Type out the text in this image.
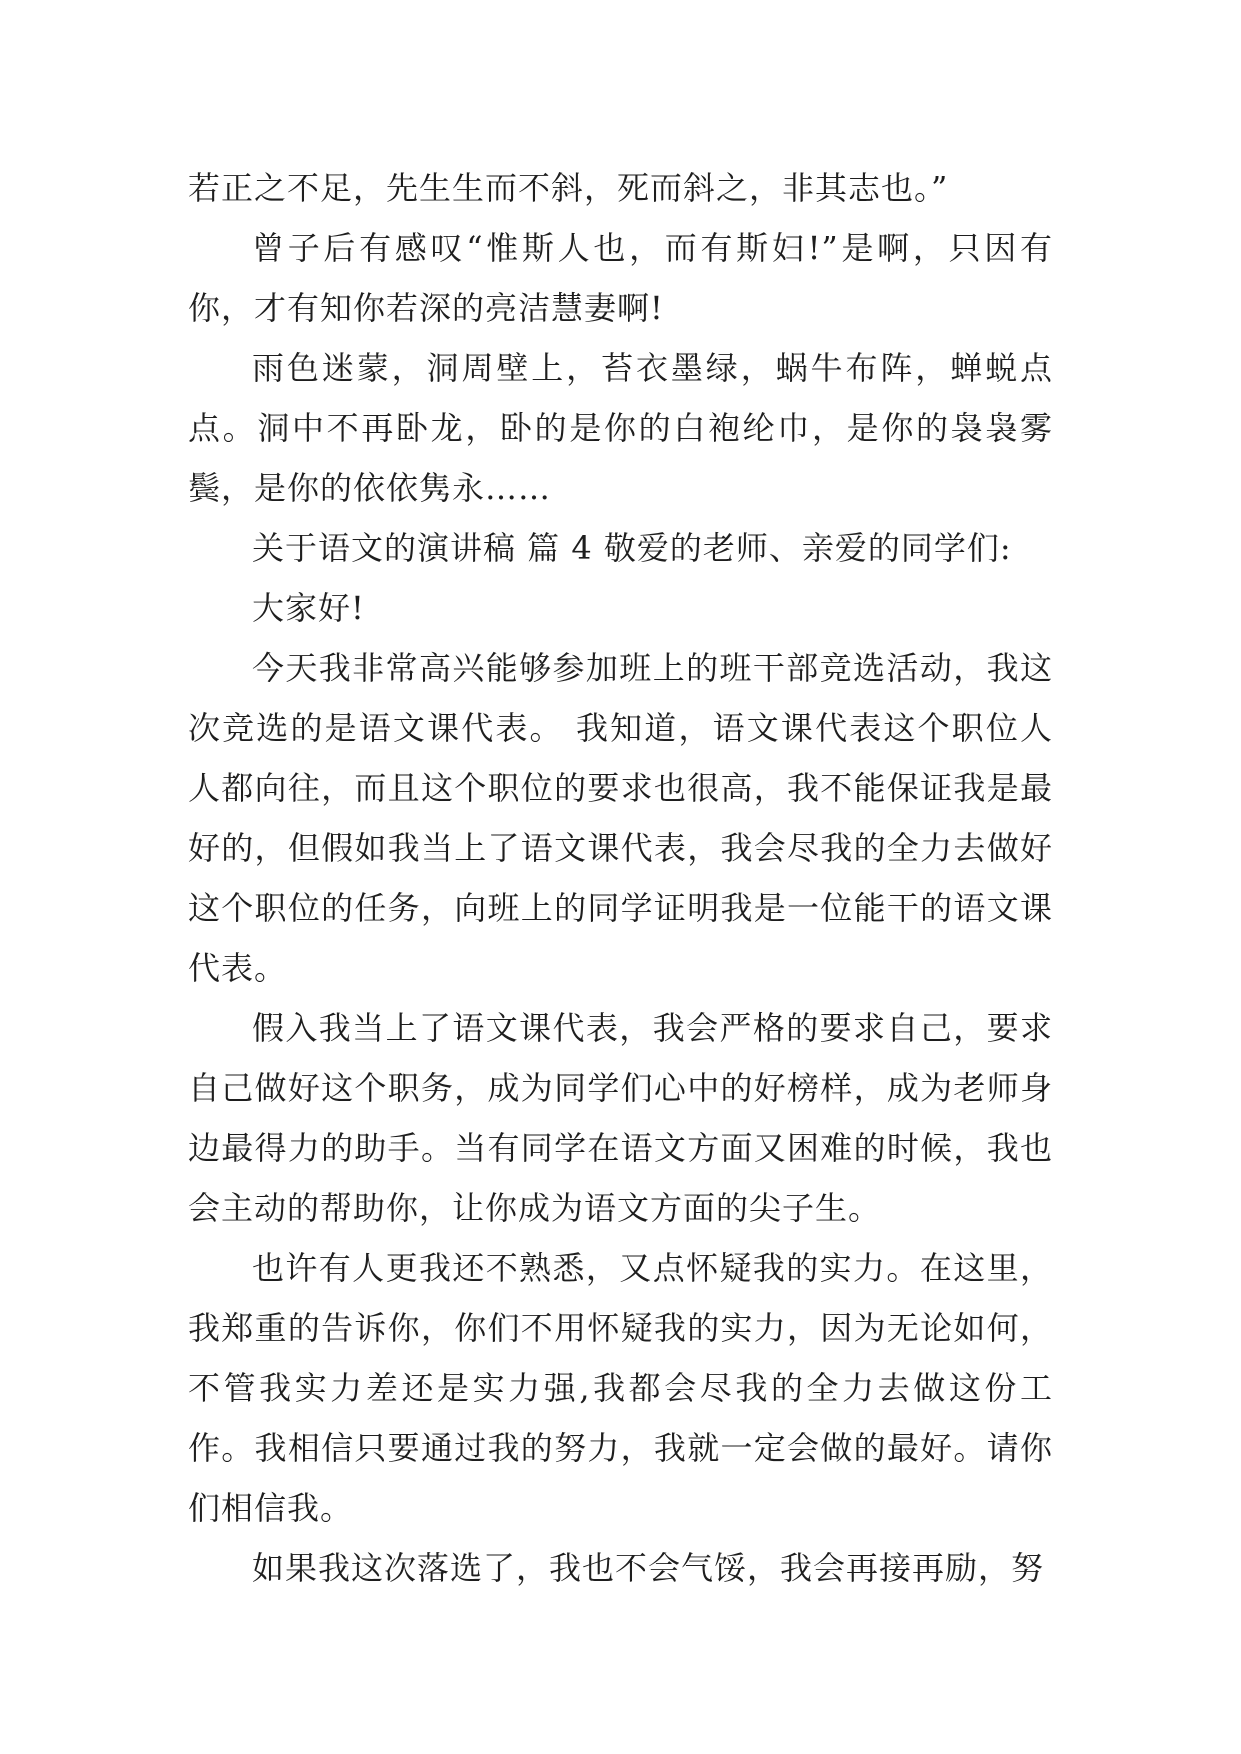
若正之不足，先生生而不斜，死而斜之，非其志也。”

曾子后有感叹“惟斯人也，而有斯妇!”是啊，只因有你，才有知你若深的亮洁慧妻啊!

雨色迷蒙，洞周壁上，苔衣墨绿，蜗牛布阵，蝉蜕点点。洞中不再卧龙，卧的是你的白袍纶巾，是你的袅袅雾鬓，是你的依依隽永……

关于语文的演讲稿 篇 4 敬爱的老师、亲爱的同学们:

大家好!

今天我非常高兴能够参加班上的班干部竞选活动，我这次竞选的是语文课代表。 我知道，语文课代表这个职位人人都向往，而且这个职位的要求也很高，我不能保证我是最好的，但假如我当上了语文课代表，我会尽我的全力去做好这个职位的任务，向班上的同学证明我是一位能干的语文课代表。

假入我当上了语文课代表，我会严格的要求自己，要求自己做好这个职务，成为同学们心中的好榜样，成为老师身边最得力的助手。当有同学在语文方面又困难的时候，我也会主动的帮助你，让你成为语文方面的尖子生。

也许有人更我还不熟悉，又点怀疑我的实力。在这里，我郑重的告诉你，你们不用怀疑我的实力，因为无论如何，不管我实力差还是实力强,我都会尽我的全力去做这份工作。我相信只要通过我的努力，我就一定会做的最好。请你们相信我。

如果我这次落选了，我也不会气馁，我会再接再励，努
